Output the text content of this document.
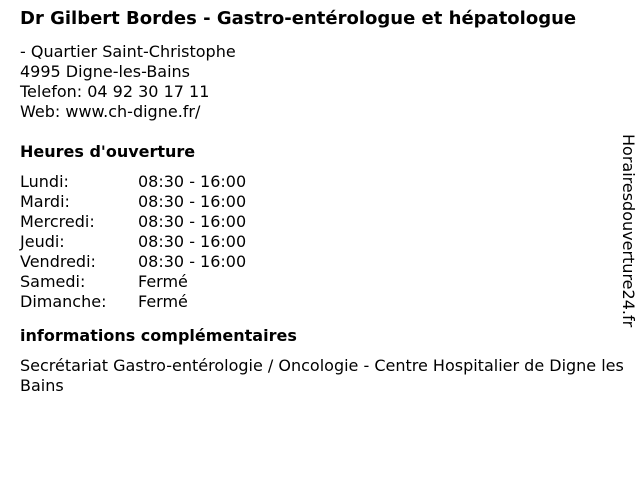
Dr Gilbert Bordes - Gastro-entérologue et hépatologue
- Quartier Saint-Christophe
4995 Digne-les-Bains
Telefon: 04 92 30 17 11
Web: www.ch-digne.fr/
Heures d'ouverture
Lundi:	08:30 - 16:00
Mardi:	08:30 - 16:00
Mercredi:	08:30 - 16:00
Jeudi:	08:30 - 16:00
Vendredi:	08:30 - 16:00
Samedi:	Fermé
Dimanche:	Fermé
informations complémentaires
Secrétariat Gastro-entérologie / Oncologie - Centre Hospitalier de Digne les Bains
Horairesdouverture24.fr
